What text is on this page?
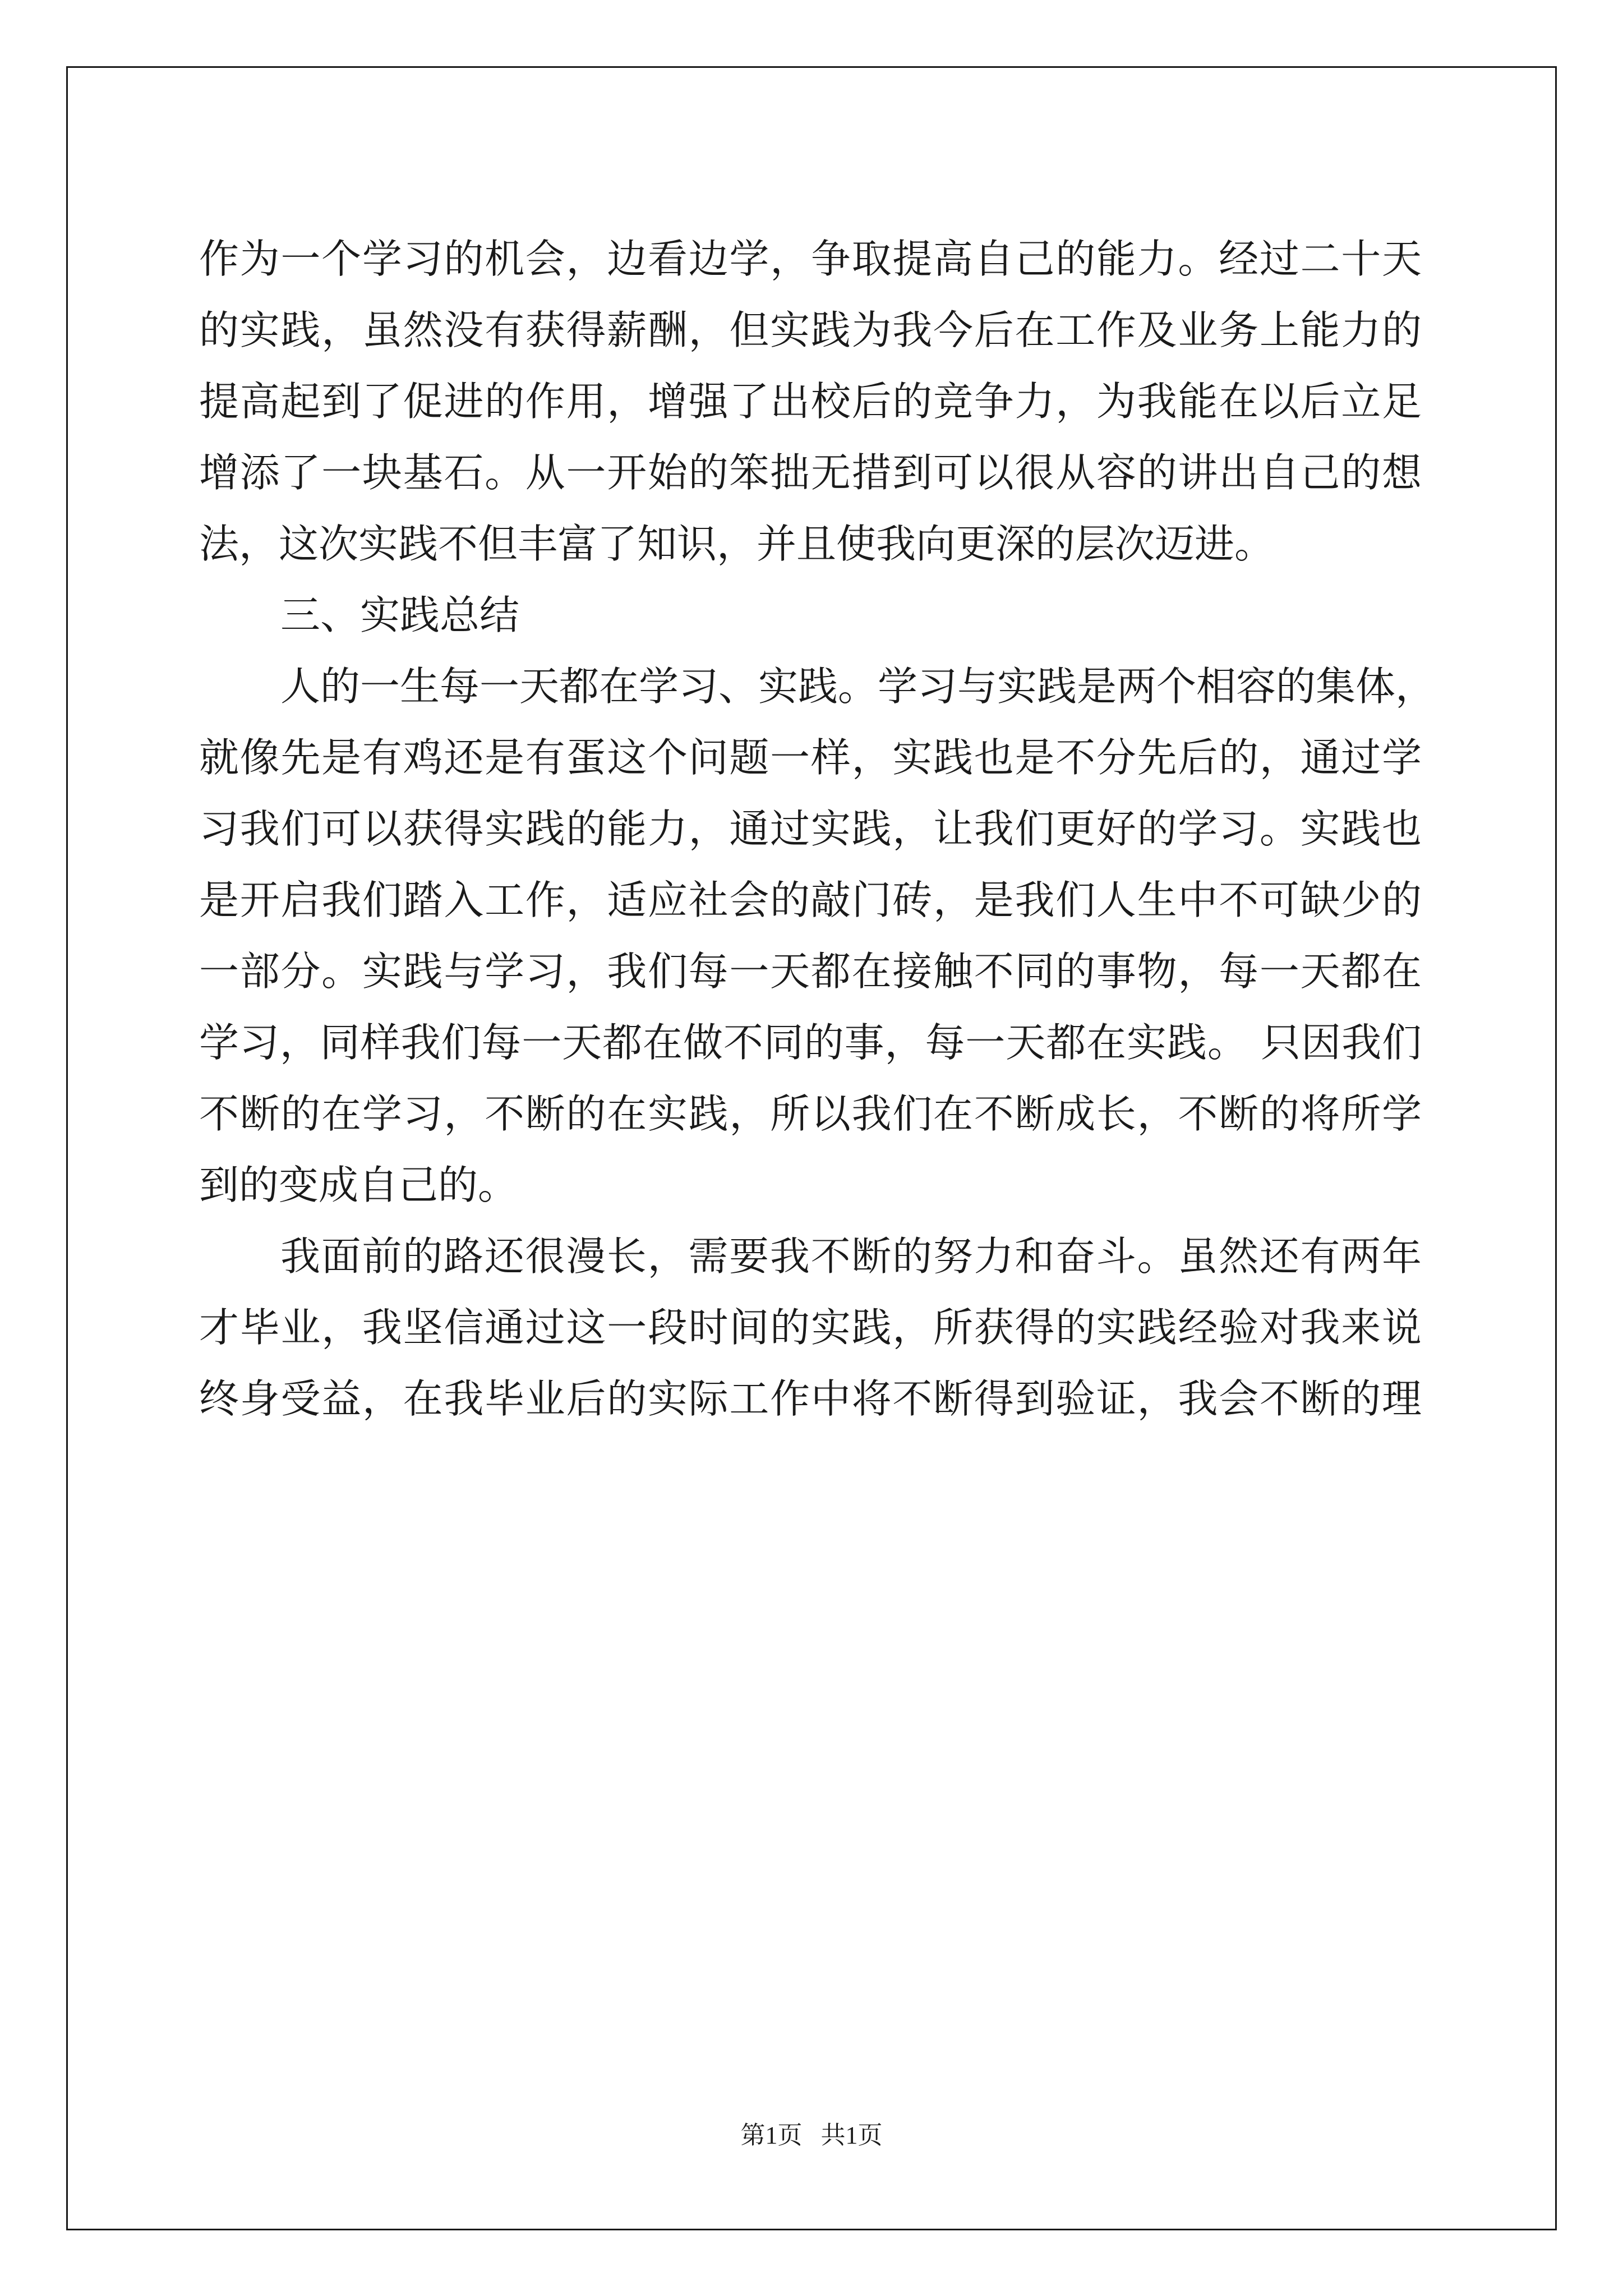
作为一个学习的机会，边看边学，争取提高自己的能力。经过二十天
的实践，虽然没有获得薪酬，但实践为我今后在工作及业务上能力的
提高起到了促进的作用，增强了出校后的竞争力，为我能在以后立足
增添了一块基石。从一开始的笨拙无措到可以很从容的讲出自己的想
法，这次实践不但丰富了知识，并且使我向更深的层次迈进。

三、实践总结

人的一生每一天都在学习、实践。学习与实践是两个相容的集体，
就像先是有鸡还是有蛋这个问题一样，实践也是不分先后的，通过学
习我们可以获得实践的能力，通过实践，让我们更好的学习。实践也
是开启我们踏入工作，适应社会的敲门砖，是我们人生中不可缺少的
一部分。实践与学习，我们每一天都在接触不同的事物，每一天都在
学习，同样我们每一天都在做不同的事，每一天都在实践。 只因我们
不断的在学习，不断的在实践，所以我们在不断成长，不断的将所学
到的变成自己的。

我面前的路还很漫长，需要我不断的努力和奋斗。虽然还有两年
才毕业，我坚信通过这一段时间的实践，所获得的实践经验对我来说
终身受益，在我毕业后的实际工作中将不断得到验证，我会不断的理

第1页   共1页
